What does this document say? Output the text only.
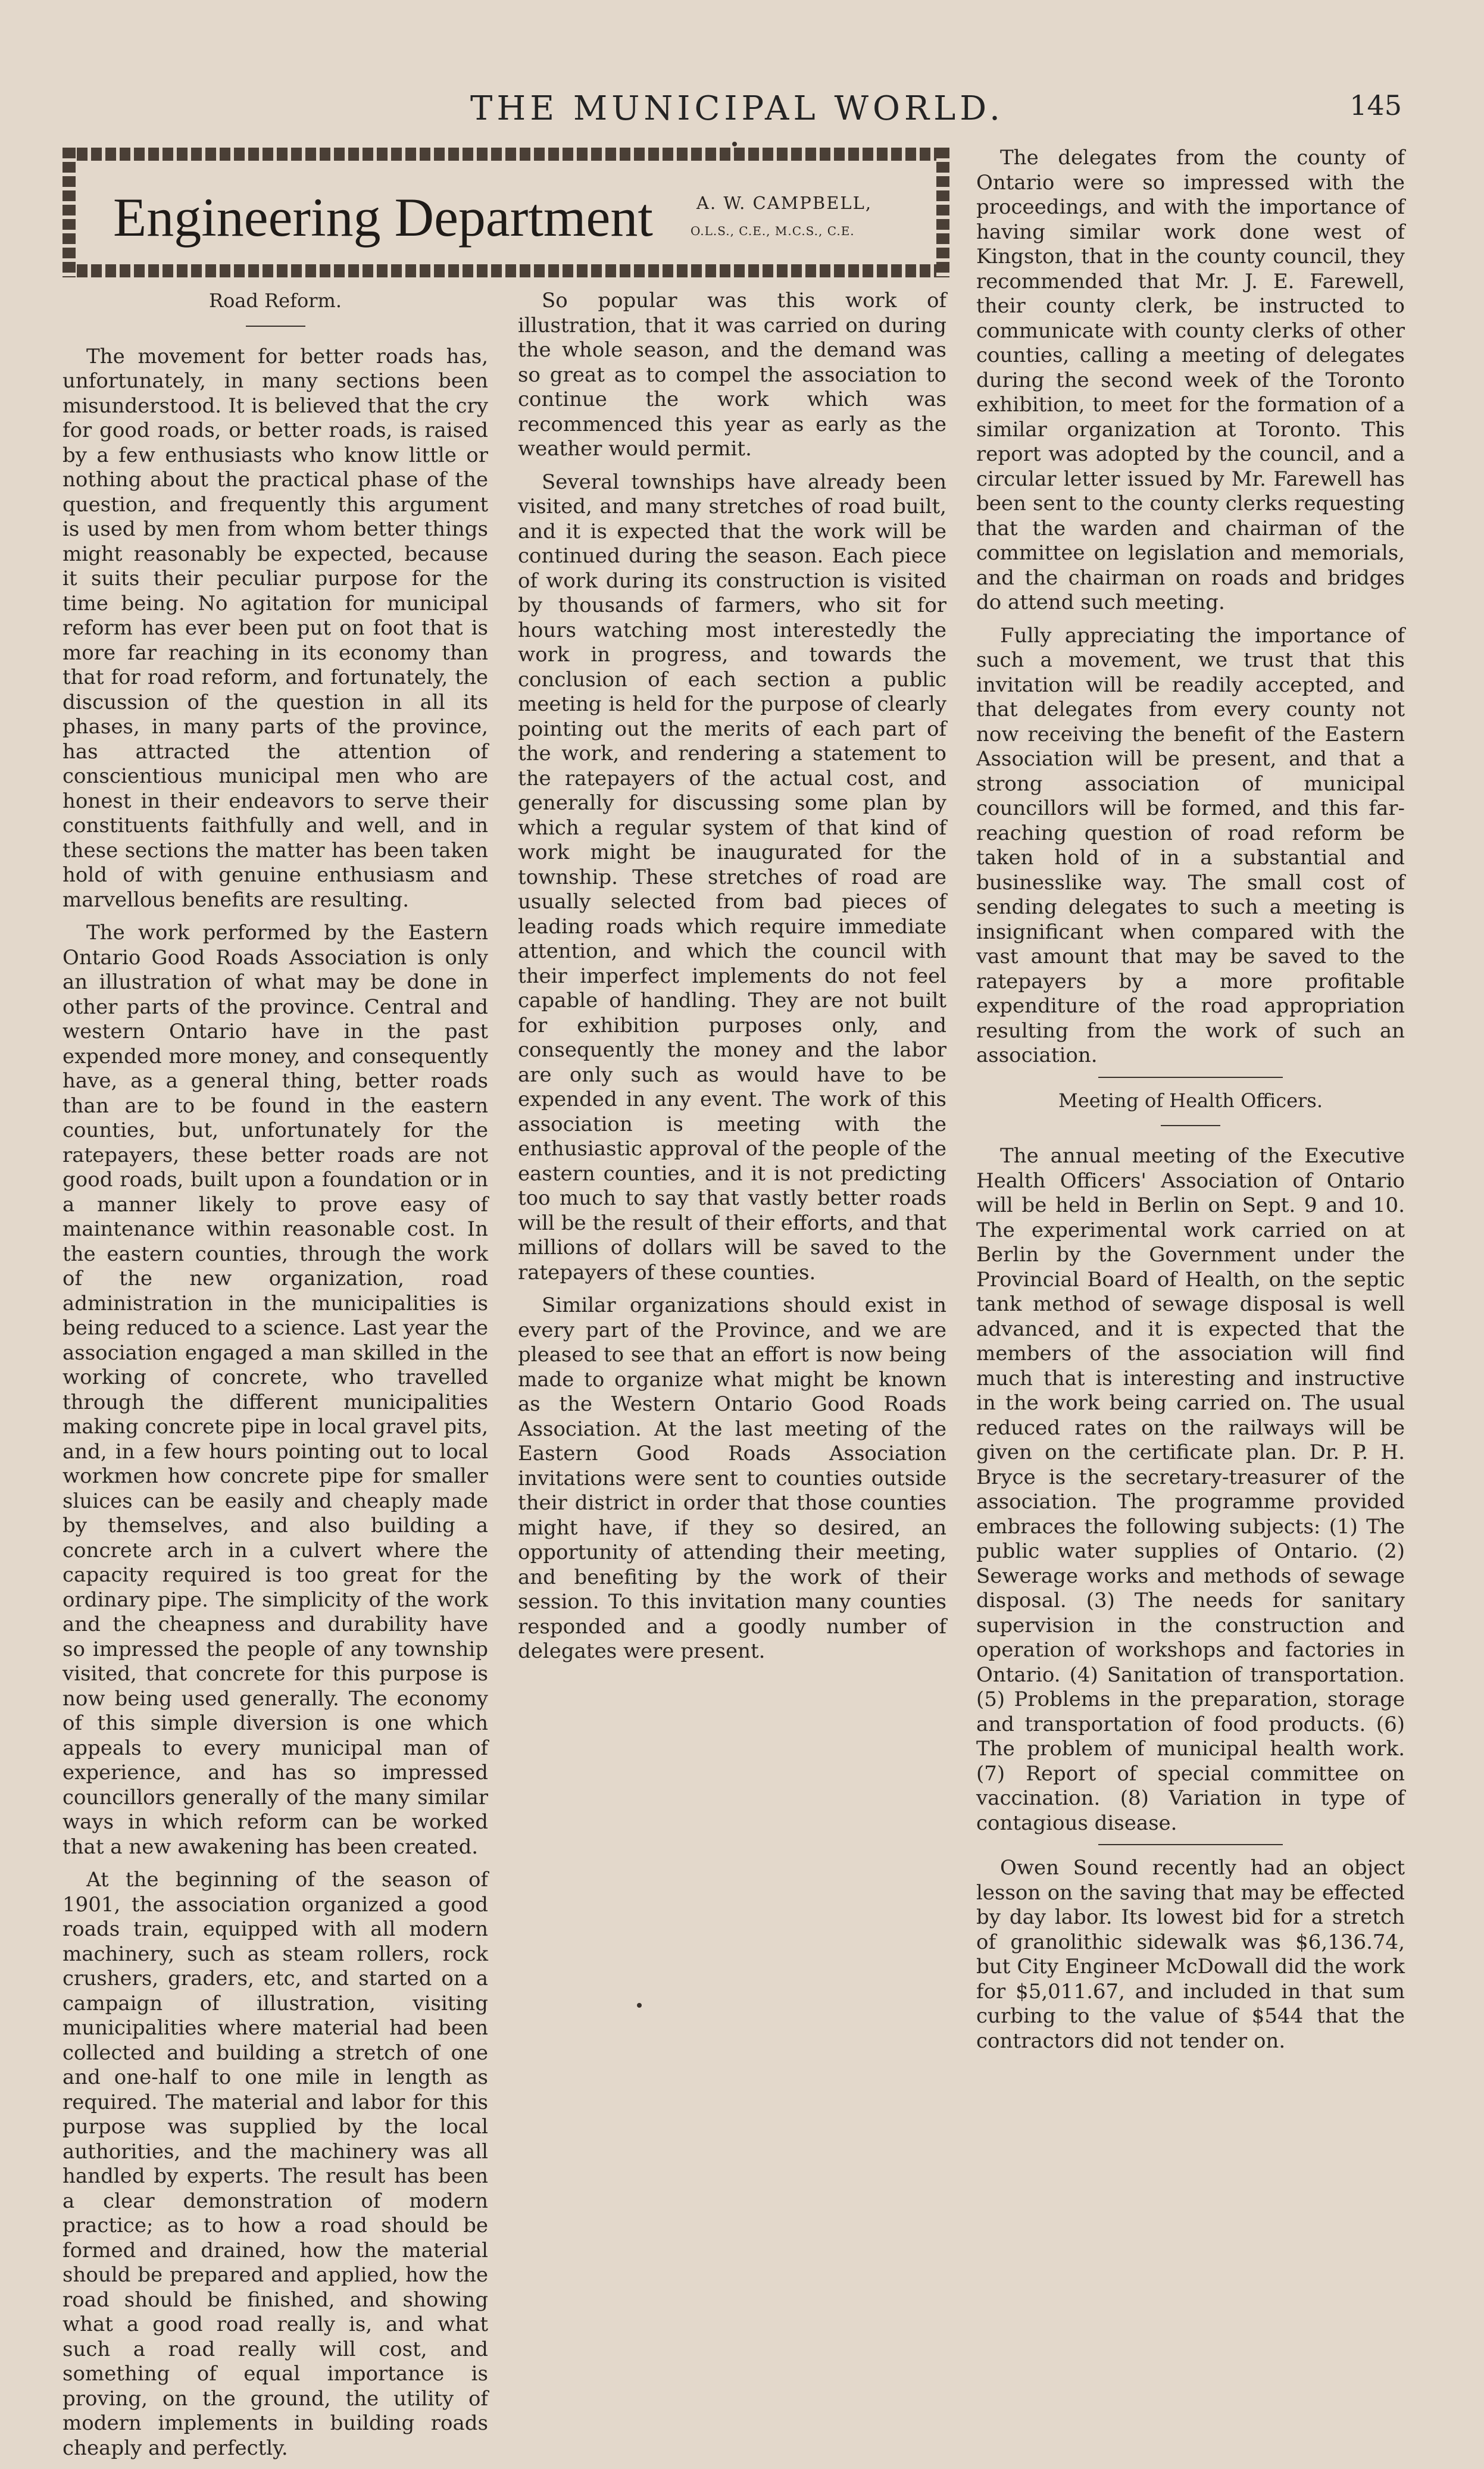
THE MUNICIPAL WORLD.	145
Engineering Department	A. W. CAMPBELL,
O.L.S., C.E., M.C.S., C.E.
Road Reform.

The movement for better roads has, unfortunately, in many sections been misunderstood. It is believed that the cry for good roads, or better roads, is raised by a few enthusiasts who know little or nothing about the practical phase of the question, and frequently this argument is used by men from whom better things might reasonably be expected, because it suits their peculiar purpose for the time being. No agitation for municipal reform has ever been put on foot that is more far reaching in its economy than that for road reform, and fortunately, the discussion of the question in all its phases, in many parts of the province, has attracted the attention of conscientious municipal men who are honest in their endeavors to serve their constituents faithfully and well, and in these sections the matter has been taken hold of with genuine enthusiasm and marvellous benefits are resulting.

The work performed by the Eastern Ontario Good Roads Association is only an illustration of what may be done in other parts of the province. Central and western Ontario have in the past expended more money, and consequently have, as a general thing, better roads than are to be found in the eastern counties, but, unfortunately for the ratepayers, these better roads are not good roads, built upon a foundation or in a manner likely to prove easy of maintenance within reasonable cost. In the eastern counties, through the work of the new organization, road administration in the municipalities is being reduced to a science. Last year the association engaged a man skilled in the working of concrete, who travelled through the different municipalities making concrete pipe in local gravel pits, and, in a few hours pointing out to local workmen how concrete pipe for smaller sluices can be easily and cheaply made by themselves, and also building a concrete arch in a culvert where the capacity required is too great for the ordinary pipe. The simplicity of the work and the cheapness and durability have so impressed the people of any township visited, that concrete for this purpose is now being used generally. The economy of this simple diversion is one which appeals to every municipal man of experience, and has so impressed councillors generally of the many similar ways in which reform can be worked that a new awakening has been created.

At the beginning of the season of 1901, the association organized a good roads train, equipped with all modern machinery, such as steam rollers, rock crushers, graders, etc, and started on a campaign of illustration, visiting municipalities where material had been collected and building a stretch of one and one-half to one mile in length as required. The material and labor for this purpose was supplied by the local authorities, and the machinery was all handled by experts. The result has been a clear demonstration of modern practice; as to how a road should be formed and drained, how the material should be prepared and applied, how the road should be finished, and showing what a good road really is, and what such a road really will cost, and something of equal importance is proving, on the ground, the utility of modern implements in building roads cheaply and perfectly.

So popular was this work of illustration, that it was carried on during the whole season, and the demand was so great as to compel the association to continue the work which was recommenced this year as early as the weather would permit.

Several townships have already been visited, and many stretches of road built, and it is expected that the work will be continued during the season. Each piece of work during its construction is visited by thousands of farmers, who sit for hours watching most interestedly the work in progress, and towards the conclusion of each section a public meeting is held for the purpose of clearly pointing out the merits of each part of the work, and rendering a statement to the ratepayers of the actual cost, and generally for discussing some plan by which a regular system of that kind of work might be inaugurated for the township. These stretches of road are usually selected from bad pieces of leading roads which require immediate attention, and which the council with their imperfect implements do not feel capable of handling. They are not built for exhibition purposes only, and consequently the money and the labor are only such as would have to be expended in any event. The work of this association is meeting with the enthusiastic approval of the people of the eastern counties, and it is not predicting too much to say that vastly better roads will be the result of their efforts, and that millions of dollars will be saved to the ratepayers of these counties.

Similar organizations should exist in every part of the Province, and we are pleased to see that an effort is now being made to organize what might be known as the Western Ontario Good Roads Association. At the last meeting of the Eastern Good Roads Association invitations were sent to counties outside their district in order that those counties might have, if they so desired, an opportunity of attending their meeting, and benefiting by the work of their session. To this invitation many counties responded and a goodly number of delegates were present.

The delegates from the county of Ontario were so impressed with the proceedings, and with the importance of having similar work done west of Kingston, that in the county council, they recommended that Mr. J. E. Farewell, their county clerk, be instructed to communicate with county clerks of other counties, calling a meeting of delegates during the second week of the Toronto exhibition, to meet for the formation of a similar organization at Toronto. This report was adopted by the council, and a circular letter issued by Mr. Farewell has been sent to the county clerks requesting that the warden and chairman of the committee on legislation and memorials, and the chairman on roads and bridges do attend such meeting.

Fully appreciating the importance of such a movement, we trust that this invitation will be readily accepted, and that delegates from every county not now receiving the benefit of the Eastern Association will be present, and that a strong association of municipal councillors will be formed, and this far-reaching question of road reform be taken hold of in a substantial and businesslike way. The small cost of sending delegates to such a meeting is insignificant when compared with the vast amount that may be saved to the ratepayers by a more profitable expenditure of the road appropriation resulting from the work of such an association.

Meeting of Health Officers.

The annual meeting of the Executive Health Officers' Association of Ontario will be held in Berlin on Sept. 9 and 10. The experimental work carried on at Berlin by the Government under the Provincial Board of Health, on the septic tank method of sewage disposal is well advanced, and it is expected that the members of the association will find much that is interesting and instructive in the work being carried on. The usual reduced rates on the railways will be given on the certificate plan. Dr. P. H. Bryce is the secretary-treasurer of the association. The programme provided embraces the following subjects: (1) The public water supplies of Ontario. (2) Sewerage works and methods of sewage disposal. (3) The needs for sanitary supervision in the construction and operation of workshops and factories in Ontario. (4) Sanitation of transportation. (5) Problems in the preparation, storage and transportation of food products. (6) The problem of municipal health work. (7) Report of special committee on vaccination. (8) Variation in type of contagious disease.

Owen Sound recently had an object lesson on the saving that may be effected by day labor. Its lowest bid for a stretch of granolithic sidewalk was $6,136.74, but City Engineer McDowall did the work for $5,011.67, and included in that sum curbing to the value of $544 that the contractors did not tender on.
